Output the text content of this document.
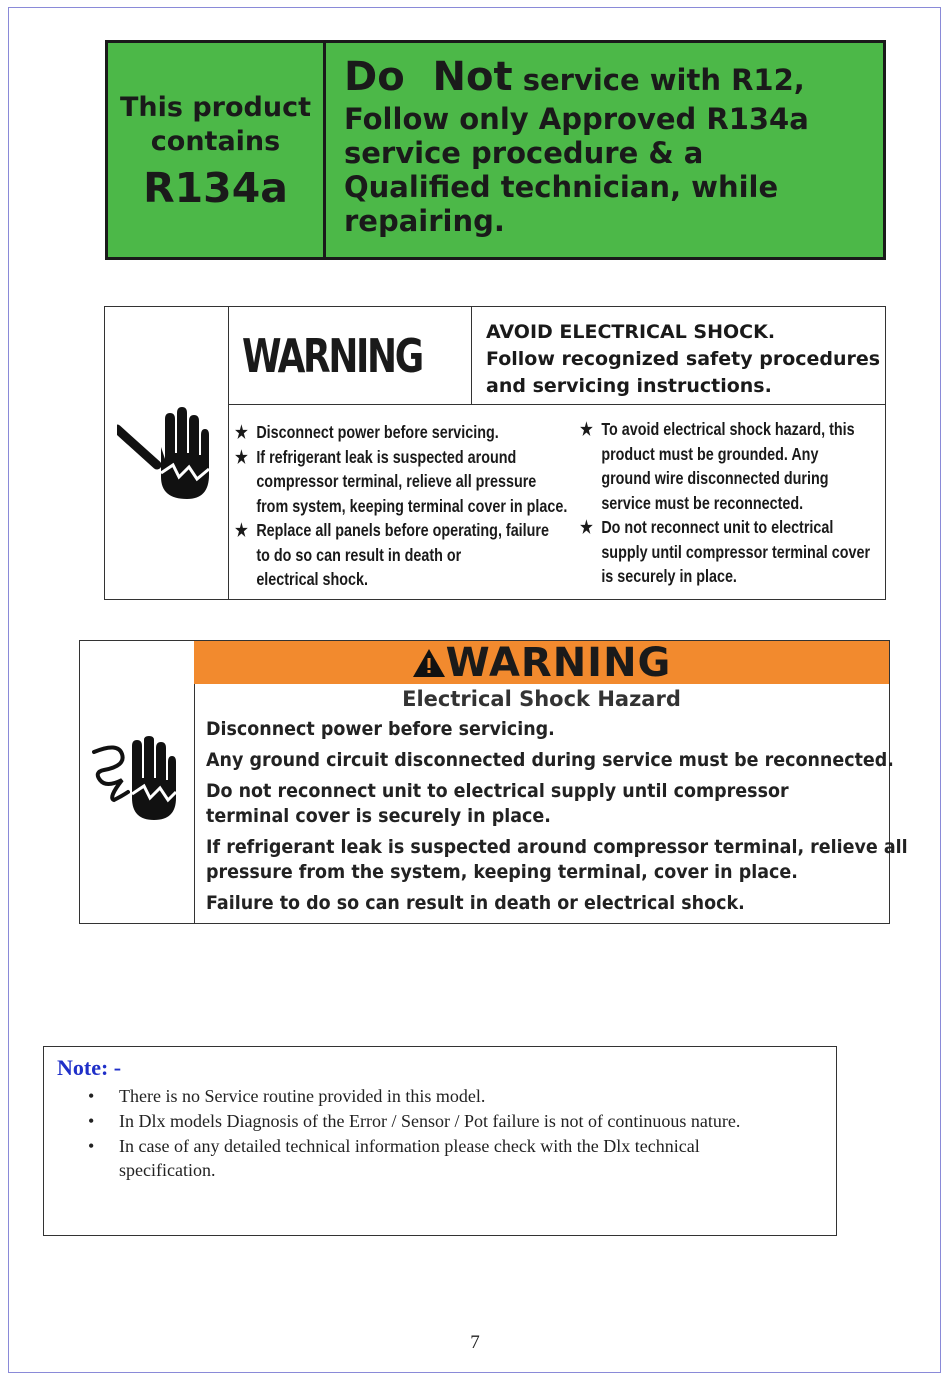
This product
contains
R134a
Do  Not service with R12,
Follow only Approved R134a
service procedure & a
Qualified technician, while
repairing.
WARNING	AVOID ELECTRICAL SHOCK.
Follow recognized safety procedures
and servicing instructions.
★ Disconnect power before servicing.
★ If refrigerant leak is suspected around
compressor terminal, relieve all pressure
from system, keeping terminal cover in place.
★ Replace all panels before operating, failure
to do so can result in death or
electrical shock.
★ To avoid electrical shock hazard, this
product must be grounded. Any
ground wire disconnected during
service must be reconnected.
★ Do not reconnect unit to electrical
supply until compressor terminal cover
is securely in place.
WARNING
Electrical Shock Hazard
Disconnect power before servicing.
Any ground circuit disconnected during service must be reconnected.
Do not reconnect unit to electrical supply until compressor
terminal cover is securely in place.
If refrigerant leak is suspected around compressor terminal, relieve all
pressure from the system, keeping terminal, cover in place.
Failure to do so can result in death or electrical shock.
Note: -
• There is no Service routine provided in this model.
• In Dlx models Diagnosis of the Error / Sensor / Pot failure is not of continuous nature.
• In case of any detailed technical information please check with the Dlx technical specification.
7
